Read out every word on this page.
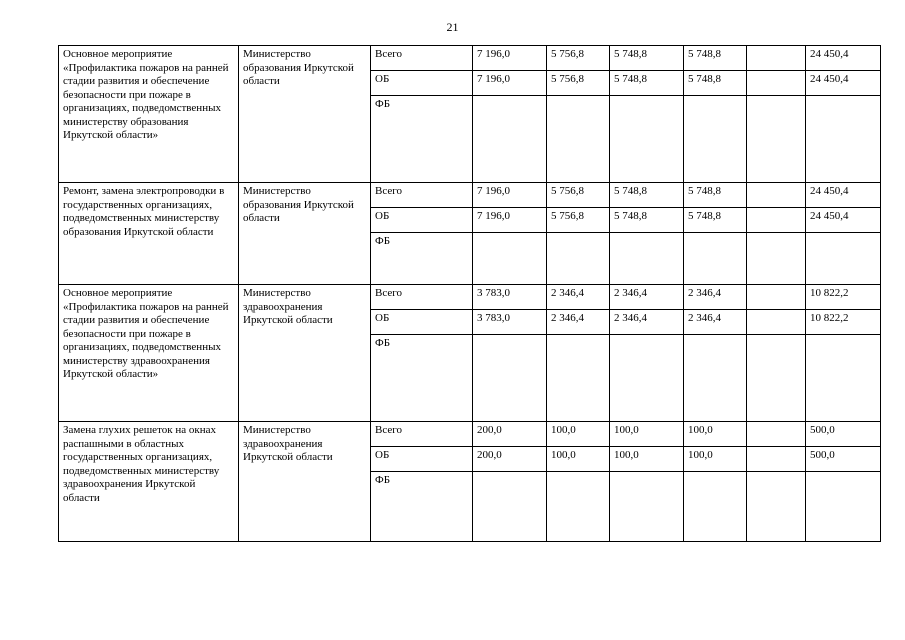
21
Основное мероприятие «Профилактика пожаров на ранней стадии развития и обеспечение безопасности при пожаре в организациях, подведомственных министерству образования Иркутской области»	Министерство образования Иркутской области	Всего	7 196,0	5 756,8	5 748,8	5 748,8		24 450,4
		ОБ	7 196,0	5 756,8	5 748,8	5 748,8		24 450,4
		ФБ						
Ремонт, замена электропроводки в государственных организациях, подведомственных министерству образования Иркутской области	Министерство образования Иркутской области	Всего	7 196,0	5 756,8	5 748,8	5 748,8		24 450,4
		ОБ	7 196,0	5 756,8	5 748,8	5 748,8		24 450,4
		ФБ						
Основное мероприятие «Профилактика пожаров на ранней стадии развития и обеспечение безопасности при пожаре в организациях, подведомственных министерству здравоохранения Иркутской области»	Министерство здравоохранения Иркутской области	Всего	3 783,0	2 346,4	2 346,4	2 346,4		10 822,2
		ОБ	3 783,0	2 346,4	2 346,4	2 346,4		10 822,2
		ФБ						
Замена глухих решеток на окнах распашными в областных государственных организациях, подведомственных министерству здравоохранения Иркутской области	Министерство здравоохранения Иркутской области	Всего	200,0	100,0	100,0	100,0		500,0
		ОБ	200,0	100,0	100,0	100,0		500,0
		ФБ						
